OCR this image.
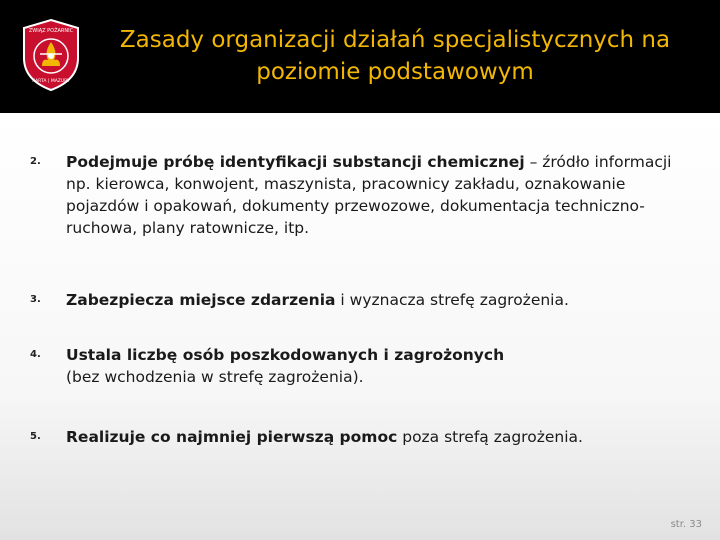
ZWIĄZ POŻARNIC
KARTA | MAZURY
Zasady organizacji działań specjalistycznych na
poziomie podstawowym
2. Podejmuje próbę identyfikacji substancji chemicznej – źródło informacji np. kierowca, konwojent, maszynista, pracownicy zakładu, oznakowanie pojazdów i opakowań, dokumenty przewozowe, dokumentacja techniczno-ruchowa, plany ratownicze, itp.
3. Zabezpiecza miejsce zdarzenia i wyznacza strefę zagrożenia.
4. Ustala liczbę osób poszkodowanych i zagrożonych
(bez wchodzenia w strefę zagrożenia).
5. Realizuje co najmniej pierwszą pomoc poza strefą zagrożenia.
str. 33
